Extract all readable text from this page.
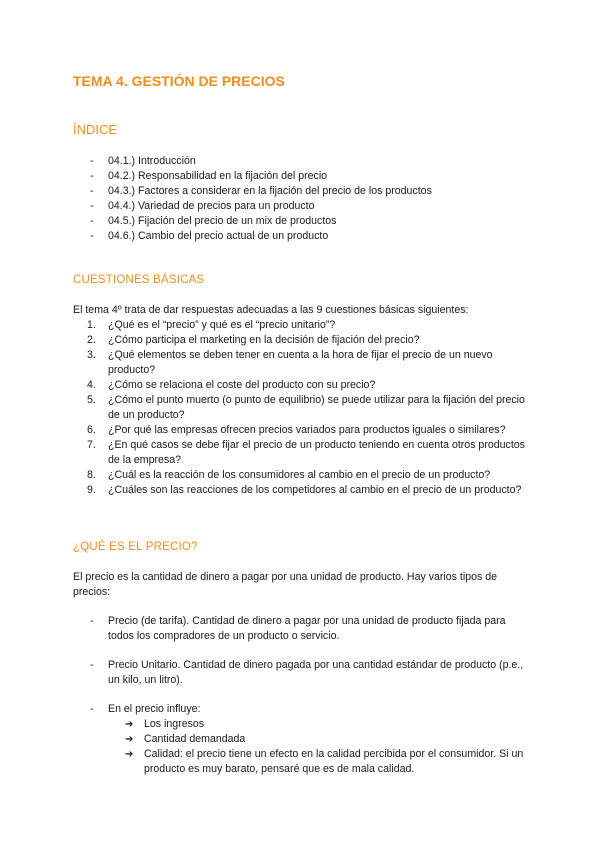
TEMA 4. GESTIÓN DE PRECIOS
ÍNDICE
- 04.1.) Introducción
- 04.2.) Responsabilidad en la fijación del precio
- 04.3.) Factores a considerar en la fijación del precio de los productos
- 04.4.) Variedad de precios para un producto
- 04.5.) Fijación del precio de un mix de productos
- 04.6.) Cambio del precio actual de un producto
CUESTIONES BÁSICAS

El tema 4º trata de dar respuestas adecuadas a las 9 cuestiones básicas siguientes:

1. ¿Qué es el “precio” y qué es el “precio unitario”?
2. ¿Cómo participa el marketing en la decisión de fijación del precio?
3. ¿Qué elementos se deben tener en cuenta a la hora de fijar el precio de un nuevo producto?
4. ¿Cómo se relaciona el coste del producto con su precio?
5. ¿Cómo el punto muerto (o punto de equilibrio) se puede utilizar para la fijación del precio de un producto?
6. ¿Por qué las empresas ofrecen precios variados para productos iguales o similares?
7. ¿En qué casos se debe fijar el precio de un producto teniendo en cuenta otros productos de la empresa?
8. ¿Cuál es la reacción de los consumidores al cambio en el precio de un producto?
9. ¿Cuáles son las reacciones de los competidores al cambio en el precio de un producto?
¿QUÉ ES EL PRECIO?

El precio es la cantidad de dinero a pagar por una unidad de producto. Hay varios tipos de precios:

- Precio (de tarifa). Cantidad de dinero a pagar por una unidad de producto fijada para todos los compradores de un producto o servicio.
- Precio Unitario. Cantidad de dinero pagada por una cantidad estándar de producto (p.e., un kilo, un litro).
- En el precio influye:
➔ Los ingresos
➔ Cantidad demandada
➔ Calidad: el precio tiene un efecto en la calidad percibida por el consumidor. Si un producto es muy barato, pensaré que es de mala calidad.
